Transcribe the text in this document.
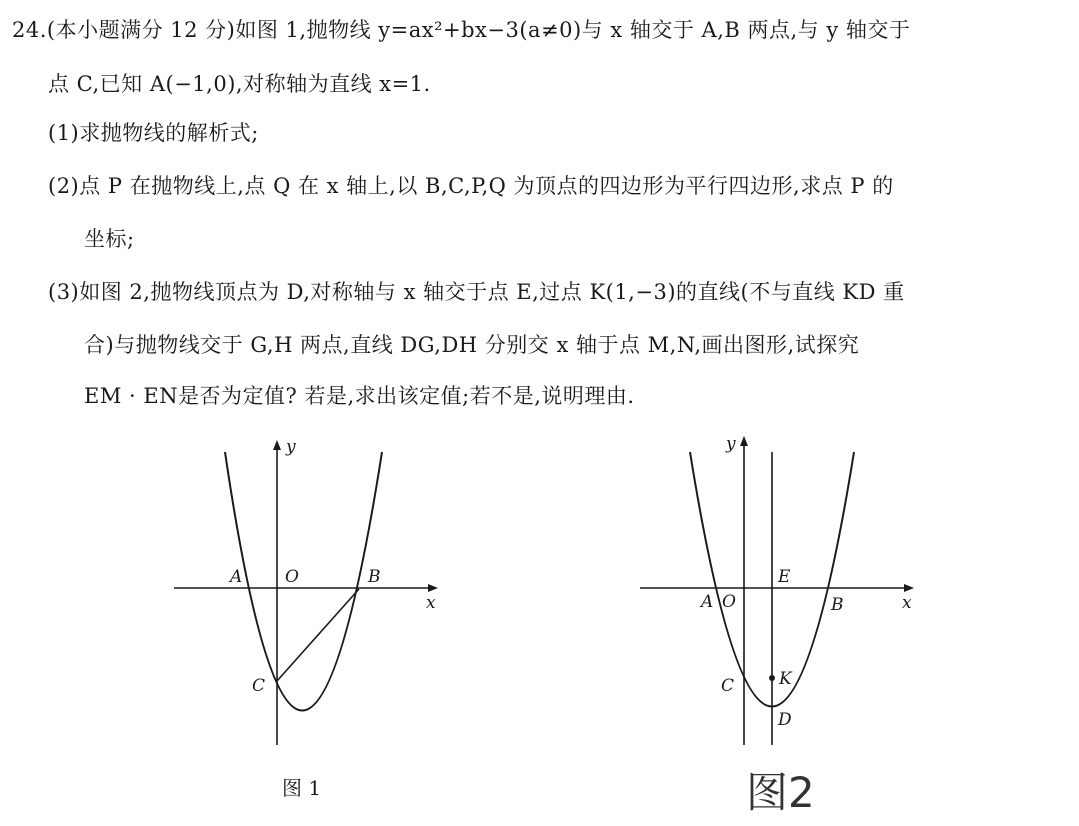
24.(本小题满分 12 分)如图 1,抛物线 y=ax²+bx−3(a≠0)与 x 轴交于 A,B 两点,与 y 轴交于
点 C,已知 A(−1,0),对称轴为直线 x=1.
(1)求抛物线的解析式;
(2)点 P 在抛物线上,点 Q 在 x 轴上,以 B,C,P,Q 为顶点的四边形为平行四边形,求点 P 的
坐标;
(3)如图 2,抛物线顶点为 D,对称轴与 x 轴交于点 E,过点 K(1,−3)的直线(不与直线 KD 重
合)与抛物线交于 G,H 两点,直线 DG,DH 分别交 x 轴于点 M,N,画出图形,试探究
EM · EN是否为定值? 若是,求出该定值;若不是,说明理由.
y
A	O	B
x
C
y
E
A O	B	x
C	K
D
图 1	图2
